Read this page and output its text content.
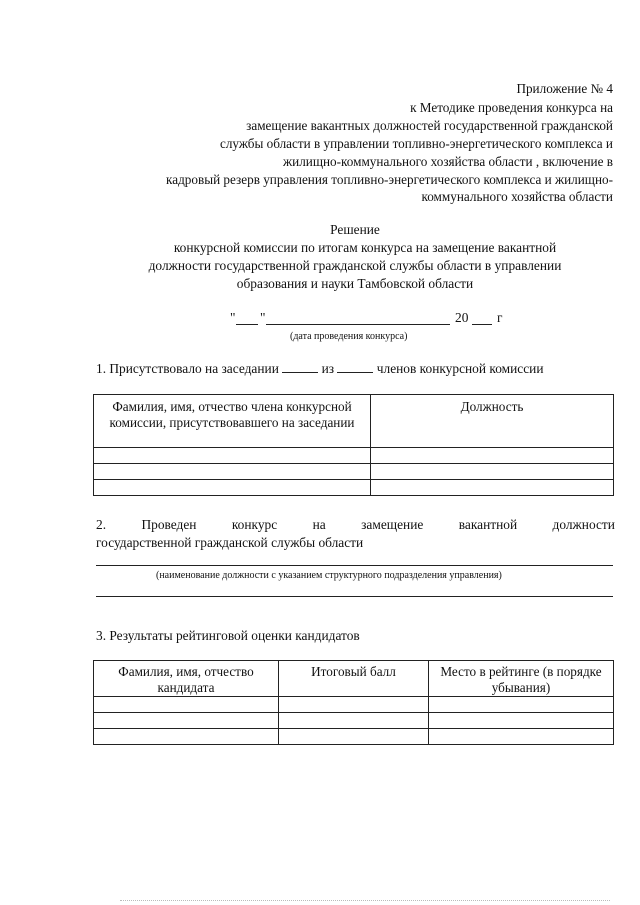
Приложение № 4
к Методике проведения конкурса на
замещение вакантных должностей государственной гражданской
службы области в управлении топливно-энергетического комплекса и
жилищно-коммунального хозяйства области , включение в
кадровый резерв управления топливно-энергетического комплекса и жилищно-
коммунального хозяйства области
Решение
конкурсной комиссии по итогам конкурса на замещение вакантной
должности государственной гражданской службы области в управлении
образования и науки Тамбовской области
" "	20 г
(дата проведения конкурса)
1. Присутствовало на заседании	из	членов конкурсной комиссии
Фамилия, имя, отчество члена конкурсной комиссии, присутствовавшего на заседании	Должность

2.	Проведен	конкурс	на	замещение	вакантной	должности
государственной гражданской службы области
(наименование должности с указанием структурного подразделения управления)
3. Результаты рейтинговой оценки кандидатов
Фамилия, имя, отчество кандидата	Итоговый балл	Место в рейтинге (в порядке убывания)
